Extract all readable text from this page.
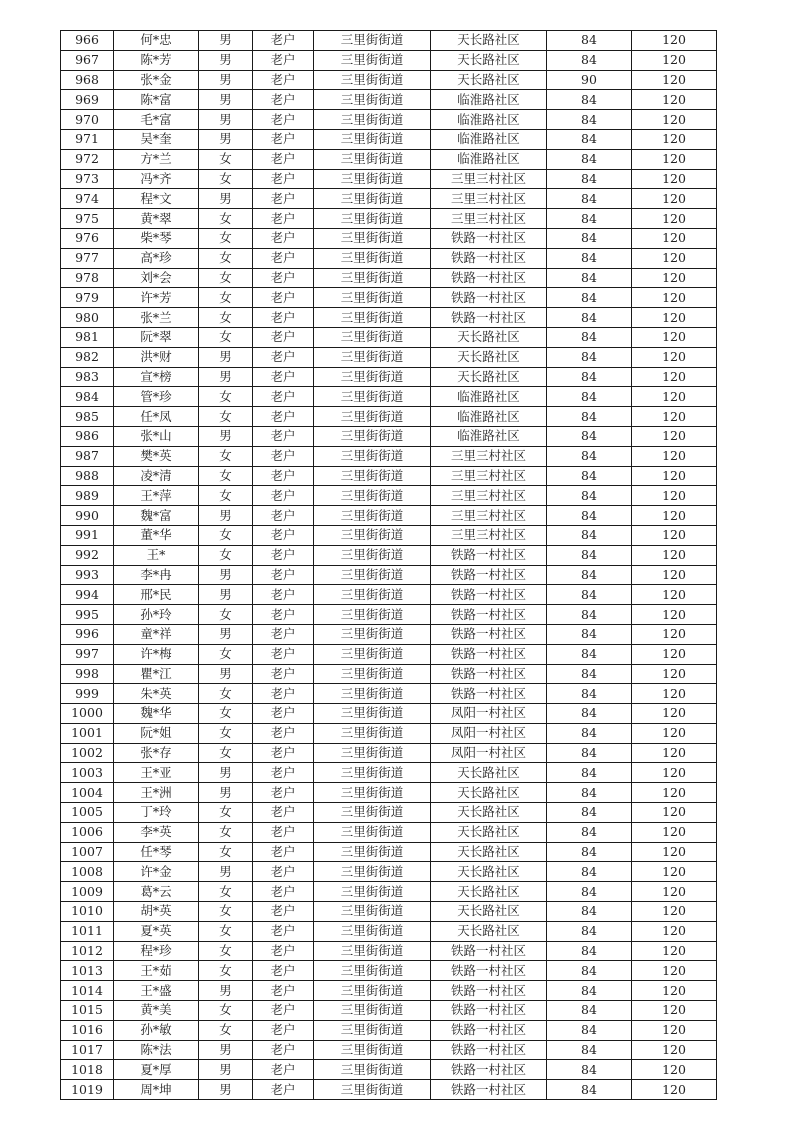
966	何*忠	男	老户	三里街街道	天长路社区	84	120
967	陈*芳	男	老户	三里街街道	天长路社区	84	120
968	张*金	男	老户	三里街街道	天长路社区	90	120
969	陈*富	男	老户	三里街街道	临淮路社区	84	120
970	毛*富	男	老户	三里街街道	临淮路社区	84	120
971	吴*奎	男	老户	三里街街道	临淮路社区	84	120
972	方*兰	女	老户	三里街街道	临淮路社区	84	120
973	冯*齐	女	老户	三里街街道	三里三村社区	84	120
974	程*文	男	老户	三里街街道	三里三村社区	84	120
975	黄*翠	女	老户	三里街街道	三里三村社区	84	120
976	柴*琴	女	老户	三里街街道	铁路一村社区	84	120
977	高*珍	女	老户	三里街街道	铁路一村社区	84	120
978	刘*会	女	老户	三里街街道	铁路一村社区	84	120
979	许*芳	女	老户	三里街街道	铁路一村社区	84	120
980	张*兰	女	老户	三里街街道	铁路一村社区	84	120
981	阮*翠	女	老户	三里街街道	天长路社区	84	120
982	洪*财	男	老户	三里街街道	天长路社区	84	120
983	宣*榜	男	老户	三里街街道	天长路社区	84	120
984	管*珍	女	老户	三里街街道	临淮路社区	84	120
985	任*凤	女	老户	三里街街道	临淮路社区	84	120
986	张*山	男	老户	三里街街道	临淮路社区	84	120
987	樊*英	女	老户	三里街街道	三里三村社区	84	120
988	凌*清	女	老户	三里街街道	三里三村社区	84	120
989	王*萍	女	老户	三里街街道	三里三村社区	84	120
990	魏*富	男	老户	三里街街道	三里三村社区	84	120
991	董*华	女	老户	三里街街道	三里三村社区	84	120
992	王*	女	老户	三里街街道	铁路一村社区	84	120
993	李*冉	男	老户	三里街街道	铁路一村社区	84	120
994	邢*民	男	老户	三里街街道	铁路一村社区	84	120
995	孙*玲	女	老户	三里街街道	铁路一村社区	84	120
996	童*祥	男	老户	三里街街道	铁路一村社区	84	120
997	许*梅	女	老户	三里街街道	铁路一村社区	84	120
998	瞿*江	男	老户	三里街街道	铁路一村社区	84	120
999	朱*英	女	老户	三里街街道	铁路一村社区	84	120
1000	魏*华	女	老户	三里街街道	凤阳一村社区	84	120
1001	阮*姐	女	老户	三里街街道	凤阳一村社区	84	120
1002	张*存	女	老户	三里街街道	凤阳一村社区	84	120
1003	王*亚	男	老户	三里街街道	天长路社区	84	120
1004	王*洲	男	老户	三里街街道	天长路社区	84	120
1005	丁*玲	女	老户	三里街街道	天长路社区	84	120
1006	李*英	女	老户	三里街街道	天长路社区	84	120
1007	任*琴	女	老户	三里街街道	天长路社区	84	120
1008	许*金	男	老户	三里街街道	天长路社区	84	120
1009	葛*云	女	老户	三里街街道	天长路社区	84	120
1010	胡*英	女	老户	三里街街道	天长路社区	84	120
1011	夏*英	女	老户	三里街街道	天长路社区	84	120
1012	程*珍	女	老户	三里街街道	铁路一村社区	84	120
1013	王*茹	女	老户	三里街街道	铁路一村社区	84	120
1014	王*盛	男	老户	三里街街道	铁路一村社区	84	120
1015	黄*美	女	老户	三里街街道	铁路一村社区	84	120
1016	孙*敏	女	老户	三里街街道	铁路一村社区	84	120
1017	陈*法	男	老户	三里街街道	铁路一村社区	84	120
1018	夏*厚	男	老户	三里街街道	铁路一村社区	84	120
1019	周*坤	男	老户	三里街街道	铁路一村社区	84	120
